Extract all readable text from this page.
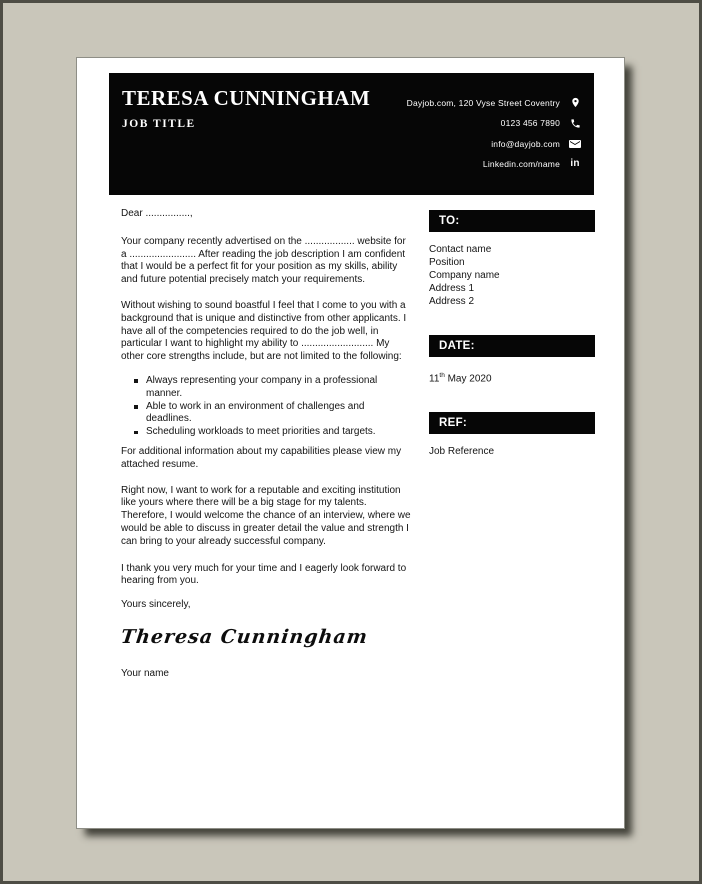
TERESA CUNNINGHAM
JOB TITLE
Dayjob.com, 120 Vyse Street Coventry
0123 456 7890
info@dayjob.com
Linkedin.com/name in
Dear ................,
Your company recently advertised on the .................. website for a ........................ After reading the job description I am confident that I would be a perfect fit for your position as my skills, ability and future potential precisely match your requirements.
Without wishing to sound boastful I feel that I come to you with a background that is unique and distinctive from other applicants. I have all of the competencies required to do the job well, in particular I want to highlight my ability to .......................... My other core strengths include, but are not limited to the following:
Always representing your company in a professional manner.
Able to work in an environment of challenges and deadlines.
Scheduling workloads to meet priorities and targets.
For additional information about my capabilities please view my attached resume.
Right now, I want to work for a reputable and exciting institution like yours where there will be a big stage for my talents. Therefore, I would welcome the chance of an interview, where we would be able to discuss in greater detail the value and strength I can bring to your already successful company.
I thank you very much for your time and I eagerly look forward to hearing from you.
Yours sincerely,
Theresa Cunningham
Your name
TO:
Contact name
Position
Company name
Address 1
Address 2
DATE:
11th May 2020
REF:
Job Reference
